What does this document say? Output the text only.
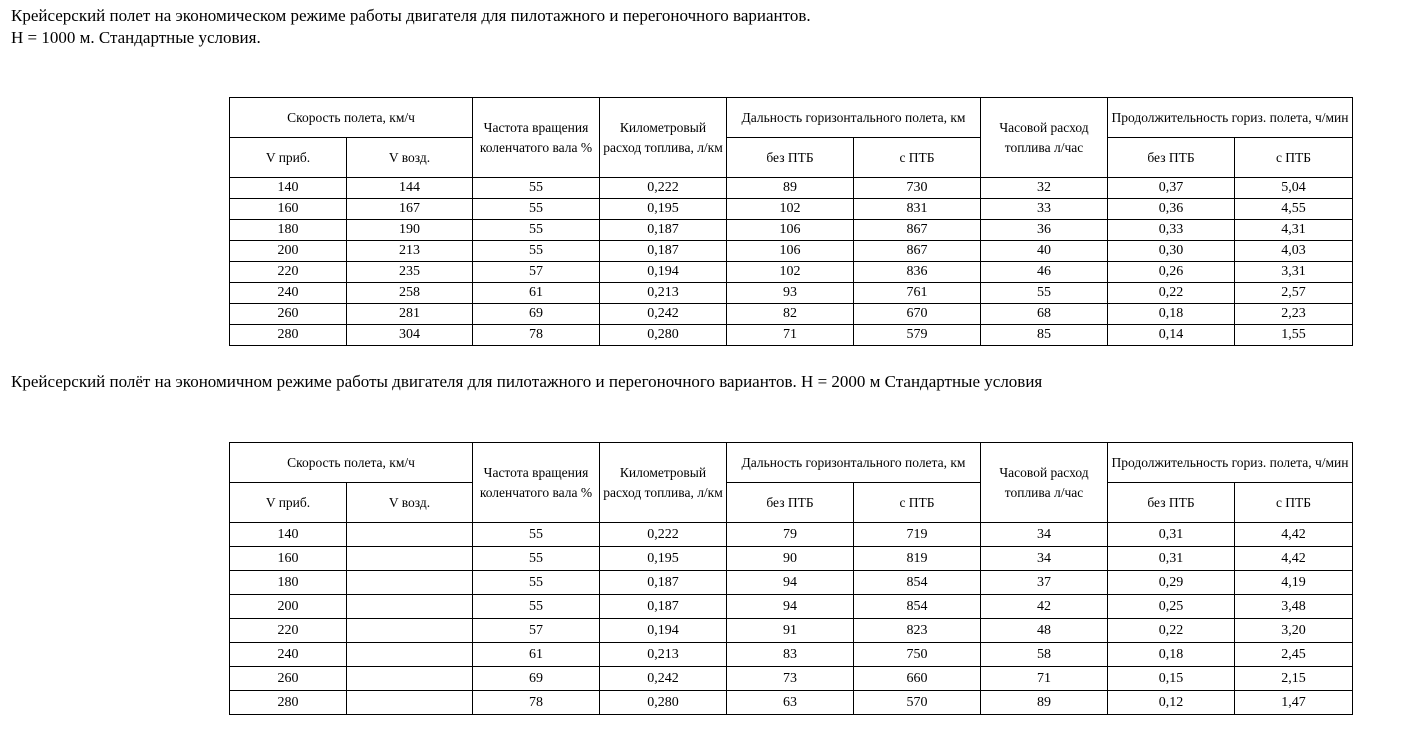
Крейсерский полет на экономическом режиме работы двигателя для пилотажного и перегоночного вариантов.
Н = 1000 м. Стандартные условия.

Скорость полета, км/ч		Частота вращения коленчатого вала %	Километровый расход топлива, л/км	Дальность горизонтального полета, км		Часовой расход топлива л/час	Продолжительность гориз. полета, ч/мин	
V приб.	V возд.			без ПТБ	с ПТБ		без ПТБ	с ПТБ
140	144	55	0,222	89	730	32	0,37	5,04
160	167	55	0,195	102	831	33	0,36	4,55
180	190	55	0,187	106	867	36	0,33	4,31
200	213	55	0,187	106	867	40	0,30	4,03
220	235	57	0,194	102	836	46	0,26	3,31
240	258	61	0,213	93	761	55	0,22	2,57
260	281	69	0,242	82	670	68	0,18	2,23
280	304	78	0,280	71	579	85	0,14	1,55

Крейсерский полёт на экономичном режиме работы двигателя для пилотажного и перегоночного вариантов. Н = 2000 м Стандартные условия

Скорость полета, км/ч		Частота вращения коленчатого вала %	Километровый расход топлива, л/км	Дальность горизонтального полета, км		Часовой расход топлива л/час	Продолжительность гориз. полета, ч/мин	
V приб.	V возд.			без ПТБ	с ПТБ		без ПТБ	с ПТБ
140		55	0,222	79	719	34	0,31	4,42
160		55	0,195	90	819	34	0,31	4,42
180		55	0,187	94	854	37	0,29	4,19
200		55	0,187	94	854	42	0,25	3,48
220		57	0,194	91	823	48	0,22	3,20
240		61	0,213	83	750	58	0,18	2,45
260		69	0,242	73	660	71	0,15	2,15
280		78	0,280	63	570	89	0,12	1,47
